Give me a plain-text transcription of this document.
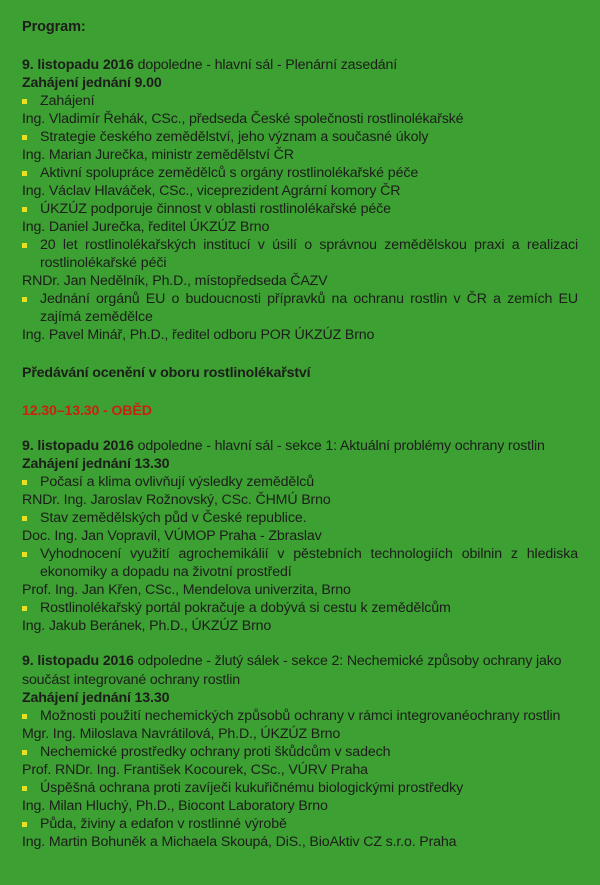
Program:

9. listopadu 2016 dopoledne - hlavní sál - Plenární zasedání

Zahájení jednání 9.00

Zahájení

Ing. Vladimír Řehák, CSc., předseda České společnosti rostlinolékařské

Strategie českého zemědělství, jeho význam a současné úkoly

Ing. Marian Jurečka, ministr zemědělství ČR

Aktivní spolupráce zemědělců s orgány rostlinolékařské péče

Ing. Václav Hlaváček, CSc., viceprezident Agrární komory ČR

ÚKZÚZ podporuje činnost v oblasti rostlinolékařské péče

Ing. Daniel Jurečka, ředitel ÚKZÚZ Brno

20 let rostlinolékařských institucí v úsilí o správnou zemědělskou praxi a realizaci rostlinolékařské péči

RNDr. Jan Nedělník, Ph.D., místopředseda ČAZV

Jednání orgánů EU o budoucnosti přípravků na ochranu rostlin v ČR a zemích EU zajímá zemědělce

Ing. Pavel Minář, Ph.D., ředitel odboru POR ÚKZÚZ Brno

Předávání ocenění v oboru rostlinolékařství

12.30–13.30 - OBĚD

9. listopadu 2016 odpoledne - hlavní sál - sekce 1: Aktuální problémy ochrany rostlin

Zahájení jednání 13.30

Počasí a klima ovlivňují výsledky zemědělců

RNDr. Ing. Jaroslav Rožnovský, CSc. ČHMÚ Brno

Stav zemědělských půd v České republice.

Doc. Ing. Jan Vopravil, VÚMOP Praha - Zbraslav

Vyhodnocení využití agrochemikálií v pěstebních technologiích obilnin z hlediska ekonomiky a dopadu na životní prostředí

Prof. Ing. Jan Křen, CSc., Mendelova univerzita, Brno

Rostlinolékařský portál pokračuje a dobývá si cestu k zemědělcům

Ing. Jakub Beránek, Ph.D., ÚKZÚZ Brno

9. listopadu 2016 odpoledne - žlutý sálek - sekce 2: Nechemické způsoby ochrany jako součást integrované ochrany rostlin

Zahájení jednání 13.30

Možnosti použití nechemických způsobů ochrany v rámci integrovanéochrany rostlin

Mgr. Ing. Miloslava Navrátilová, Ph.D., ÚKZÚZ Brno

Nechemické prostředky ochrany proti škůdcům v sadech

Prof. RNDr. Ing. František Kocourek, CSc., VÚRV Praha

Úspěšná ochrana proti zavíječi kukuřičnému biologickými prostředky

Ing. Milan Hluchý, Ph.D., Biocont Laboratory Brno

Půda, živiny a edafon v rostlinné výrobě

Ing. Martin Bohuněk a Michaela Skoupá, DiS., BioAktiv CZ s.r.o. Praha
